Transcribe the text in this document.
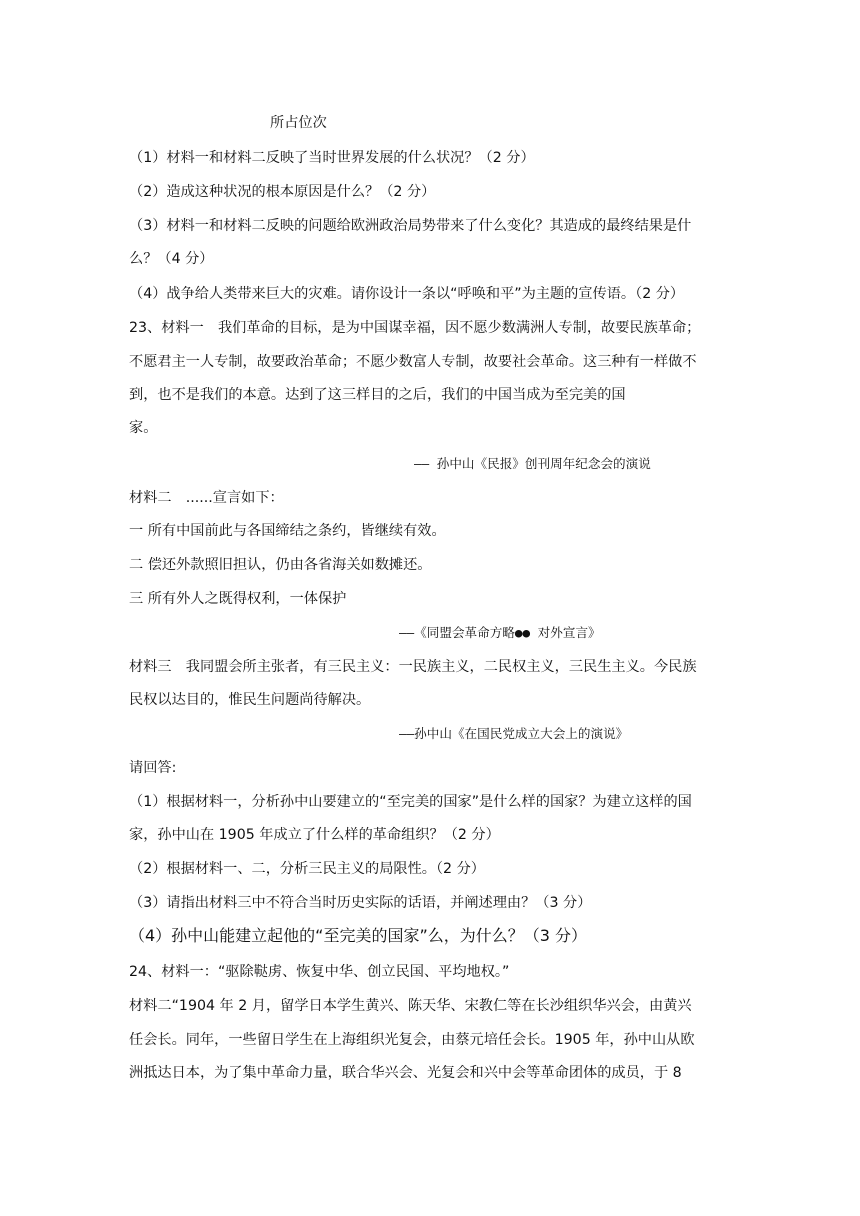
所占位次
（1）材料一和材料二反映了当时世界发展的什么状况？（2 分）
（2）造成这种状况的根本原因是什么？（2 分）
（3）材料一和材料二反映的问题给欧洲政治局势带来了什么变化？其造成的最终结果是什
么？（4 分）
（4）战争给人类带来巨大的灾难。请你设计一条以“呼唤和平”为主题的宣传语。（2 分）
23、材料一　我们革命的目标，是为中国谋幸福，因不愿少数满洲人专制，故要民族革命；
不愿君主一人专制，故要政治革命；不愿少数富人专制，故要社会革命。这三种有一样做不
到，也不是我们的本意。达到了这三样目的之后，我们的中国当成为至完美的国
家。
—— 孙中山《民报》创刊周年纪念会的演说
材料二　......宣言如下：
一 所有中国前此与各国缔结之条约，皆继续有效。
二 偿还外款照旧担认，仍由各省海关如数摊还。
三 所有外人之既得权利，一体保护
——《同盟会革命方略●● 对外宣言》
材料三　我同盟会所主张者，有三民主义：一民族主义，二民权主义，三民生主义。今民族
民权以达目的，惟民生问题尚待解决。
——孙中山《在国民党成立大会上的演说》
请回答:
（1）根据材料一，分析孙中山要建立的“至完美的国家”是什么样的国家？为建立这样的国
家，孙中山在 1905 年成立了什么样的革命组织？（2 分）
（2）根据材料一、二，分析三民主义的局限性。（2 分）
（3）请指出材料三中不符合当时历史实际的话语，并阐述理由？（3 分）
（4）孙中山能建立起他的“至完美的国家”么，为什么？（3 分）
24、材料一：“驱除鞑虏、恢复中华、创立民国、平均地权。”
材料二“1904 年 2 月，留学日本学生黄兴、陈天华、宋教仁等在长沙组织华兴会，由黄兴
任会长。同年，一些留日学生在上海组织光复会，由蔡元培任会长。1905 年，孙中山从欧
洲抵达日本，为了集中革命力量，联合华兴会、光复会和兴中会等革命团体的成员，于 8
